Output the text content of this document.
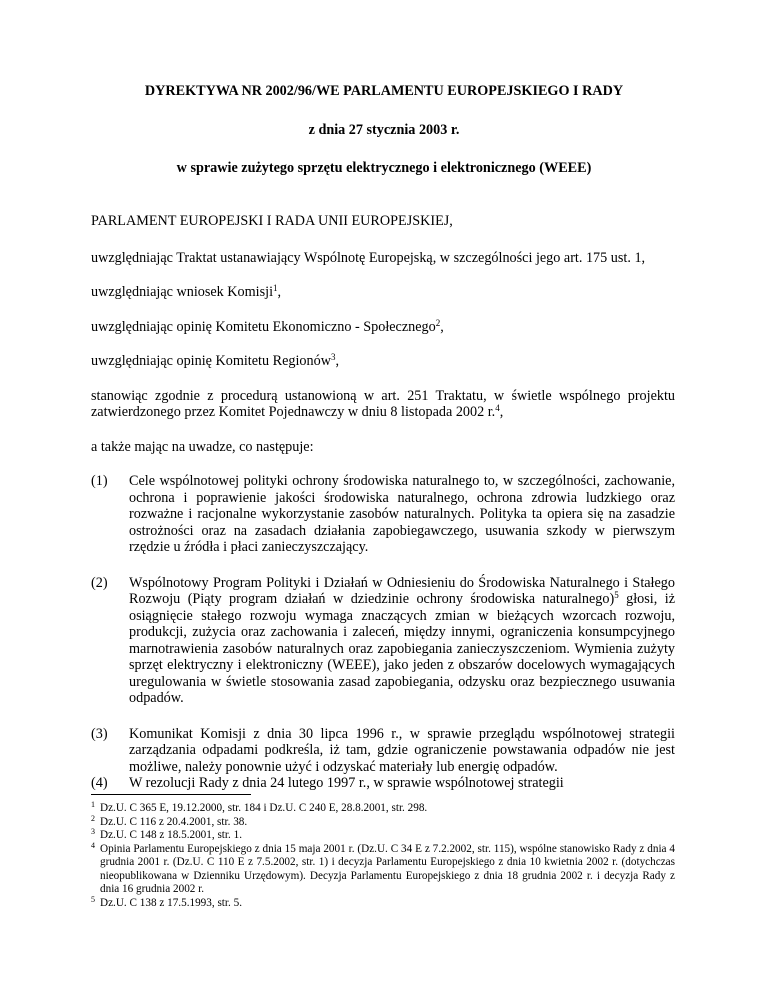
DYREKTYWA NR 2002/96/WE PARLAMENTU EUROPEJSKIEGO I RADY
z dnia 27 stycznia 2003 r.
w sprawie zużytego sprzętu elektrycznego i elektronicznego (WEEE)

PARLAMENT EUROPEJSKI I RADA UNII EUROPEJSKIEJ,

uwzględniając Traktat ustanawiający Wspólnotę Europejską, w szczególności jego art. 175 ust. 1,

uwzględniając wniosek Komisji$^1$,

uwzględniając opinię Komitetu Ekonomiczno - Społecznego$^2$,

uwzględniając opinię Komitetu Regionów$^3$,

stanowiąc zgodnie z procedurą ustanowioną w art. 251 Traktatu, w świetle wspólnego projektu zatwierdzonego przez Komitet Pojednawczy w dniu 8 listopada 2002 r.$^4$,

a także mając na uwadze, co następuje:

(1)	Cele wspólnotowej polityki ochrony środowiska naturalnego to, w szczególności, zachowanie, ochrona i poprawienie jakości środowiska naturalnego, ochrona zdrowia ludzkiego oraz rozważne i racjonalne wykorzystanie zasobów naturalnych. Polityka ta opiera się na zasadzie ostrożności oraz na zasadach działania zapobiegawczego, usuwania szkody w pierwszym rzędzie u źródła i płaci zanieczyszczający.
(2)	Wspólnotowy Program Polityki i Działań w Odniesieniu do Środowiska Naturalnego i Stałego Rozwoju (Piąty program działań w dziedzinie ochrony środowiska naturalnego)$^5$ głosi, iż osiągnięcie stałego rozwoju wymaga znaczących zmian w bieżących wzorcach rozwoju, produkcji, zużycia oraz zachowania i zaleceń, między innymi, ograniczenia konsumpcyjnego marnotrawienia zasobów naturalnych oraz zapobiegania zanieczyszczeniom. Wymienia zużyty sprzęt elektryczny i elektroniczny (WEEE), jako jeden z obszarów docelowych wymagających uregulowania w świetle stosowania zasad zapobiegania, odzysku oraz bezpiecznego usuwania odpadów.
(3)	Komunikat Komisji z dnia 30 lipca 1996 r., w sprawie przeglądu wspólnotowej strategii zarządzania odpadami podkreśla, iż tam, gdzie ograniczenie powstawania odpadów nie jest możliwe, należy ponownie użyć i odzyskać materiały lub energię odpadów.
(4)	W rezolucji Rady z dnia 24 lutego 1997 r., w sprawie wspólnotowej strategii
$^1$ Dz.U. C 365 E, 19.12.2000, str. 184 i Dz.U. C 240 E, 28.8.2001, str. 298.
$^2$ Dz.U. C 116 z 20.4.2001, str. 38.
$^3$ Dz.U. C 148 z 18.5.2001, str. 1.
$^4$ Opinia Parlamentu Europejskiego z dnia 15 maja 2001 r. (Dz.U. C 34 E z 7.2.2002, str. 115), wspólne stanowisko Rady z dnia 4 grudnia 2001 r. (Dz.U. C 110 E z 7.5.2002, str. 1) i decyzja Parlamentu Europejskiego z dnia 10 kwietnia 2002 r. (dotychczas nieopublikowana w Dzienniku Urzędowym). Decyzja Parlamentu Europejskiego z dnia 18 grudnia 2002 r. i decyzja Rady z dnia 16 grudnia 2002 r.
$^5$ Dz.U. C 138 z 17.5.1993, str. 5.
